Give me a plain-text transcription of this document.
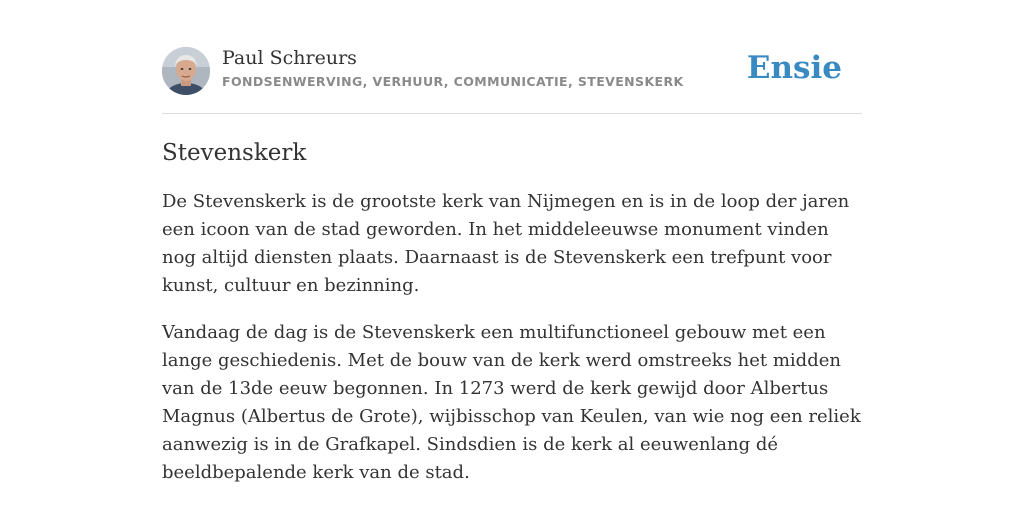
Paul Schreurs
FONDSENWERVING, VERHUUR, COMMUNICATIE, STEVENSKERK Ensie
Stevenskerk

De Stevenskerk is de grootste kerk van Nijmegen en is in de loop der jaren een icoon van de stad geworden. In het middeleeuwse monument vinden nog altijd diensten plaats. Daarnaast is de Stevenskerk een trefpunt voor kunst, cultuur en bezinning.

Vandaag de dag is de Stevenskerk een multifunctioneel gebouw met een lange geschiedenis. Met de bouw van de kerk werd omstreeks het midden van de 13de eeuw begonnen. In 1273 werd de kerk gewijd door Albertus Magnus (Albertus de Grote), wijbisschop van Keulen, van wie nog een reliek aanwezig is in de Grafkapel. Sindsdien is de kerk al eeuwenlang dé beeldbepalende kerk van de stad.
